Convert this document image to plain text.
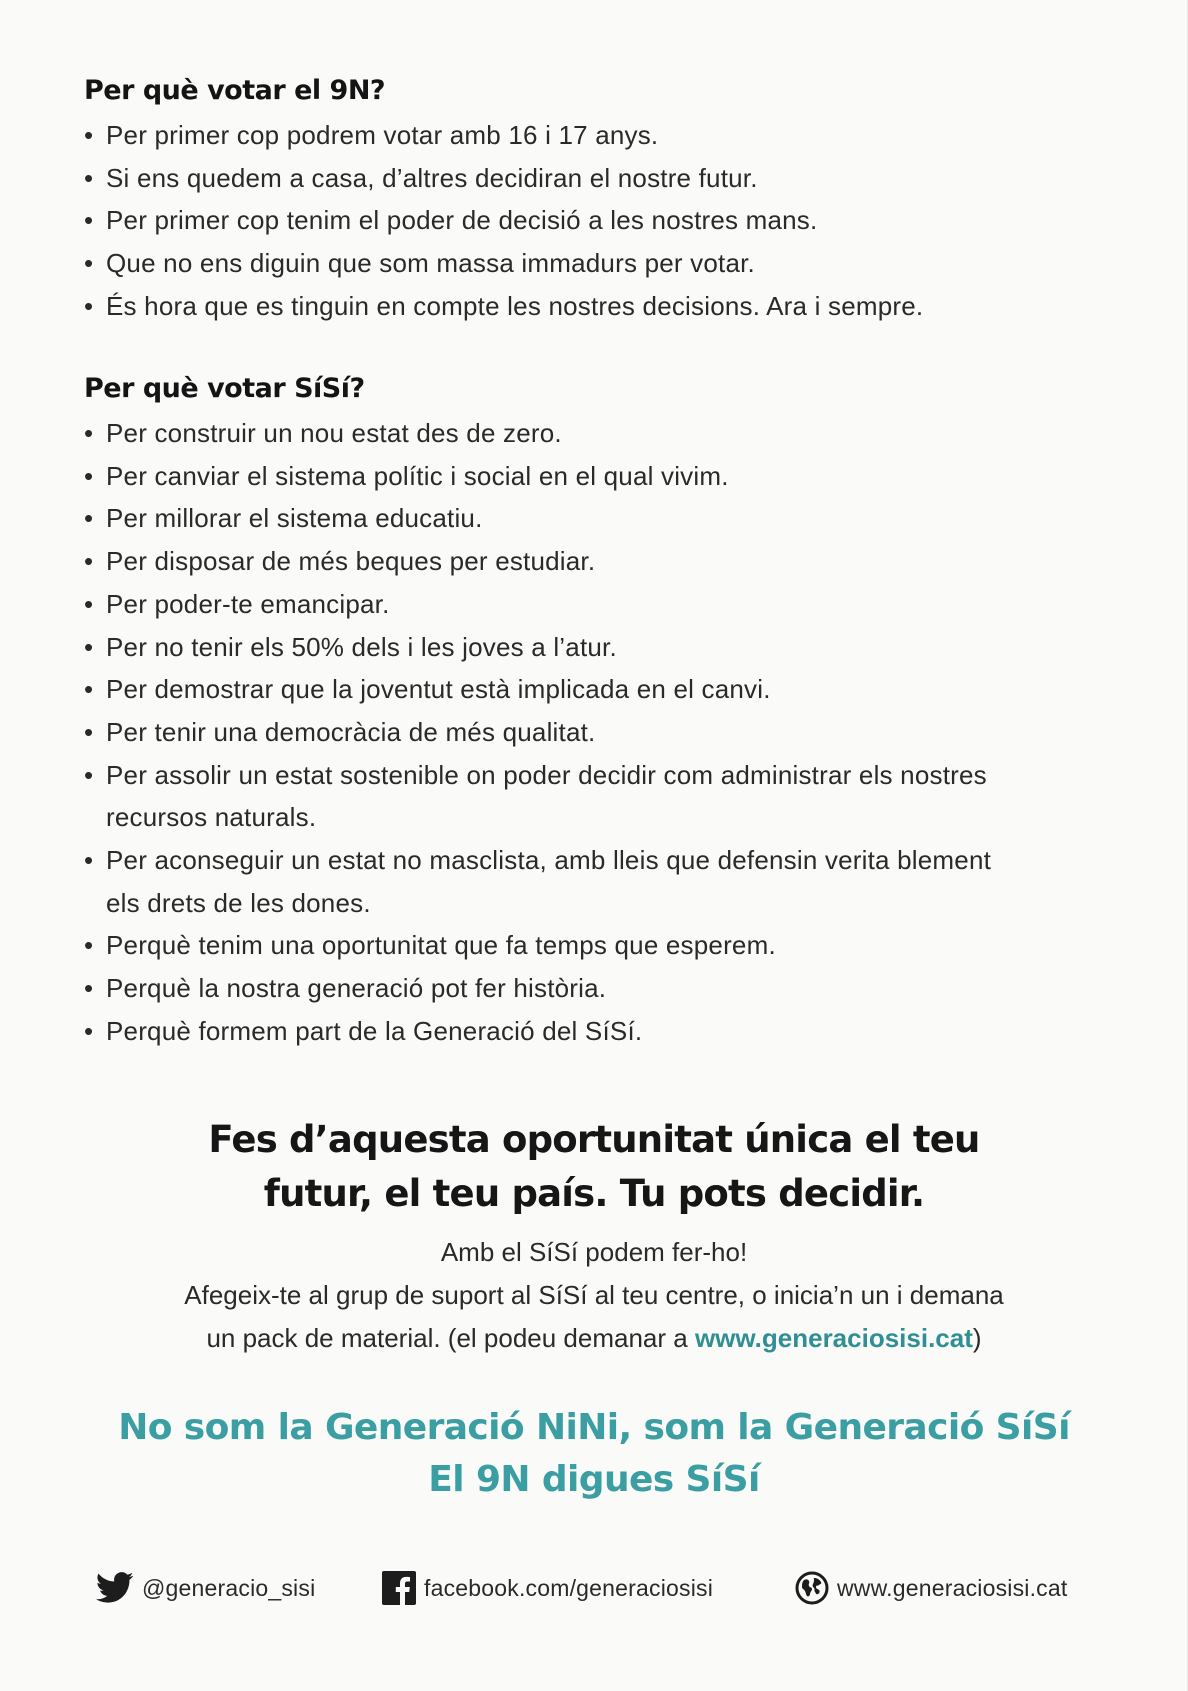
Per què votar el 9N?
• Per primer cop podrem votar amb 16 i 17 anys.
• Si ens quedem a casa, d’altres decidiran el nostre futur.
• Per primer cop tenim el poder de decisió a les nostres mans.
• Que no ens diguin que som massa immadurs per votar.
• És hora que es tinguin en compte les nostres decisions. Ara i sempre.
Per què votar SíSí?
• Per construir un nou estat des de zero.
• Per canviar el sistema polític i social en el qual vivim.
• Per millorar el sistema educatiu.
• Per disposar de més beques per estudiar.
• Per poder-te emancipar.
• Per no tenir els 50% dels i les joves a l’atur.
• Per demostrar que la joventut està implicada en el canvi.
• Per tenir una democràcia de més qualitat.
• Per assolir un estat sostenible on poder decidir com administrar els nostres recursos naturals.
• Per aconseguir un estat no masclista, amb lleis que defensin verita blement els drets de les dones.
• Perquè tenim una oportunitat que fa temps que esperem.
• Perquè la nostra generació pot fer història.
• Perquè formem part de la Generació del SíSí.

Fes d’aquesta oportunitat única el teu
futur, el teu país. Tu pots decidir.

Amb el SíSí podem fer-ho!

Afegeix-te al grup de suport al SíSí al teu centre, o inicia’n un i demana
un pack de material. (el podeu demanar a www.generaciosisi.cat)

No som la Generació NiNi, som la Generació SíSí
El 9N digues SíSí
@generacio_sisi	facebook.com/generaciosisi	www.generaciosisi.cat
